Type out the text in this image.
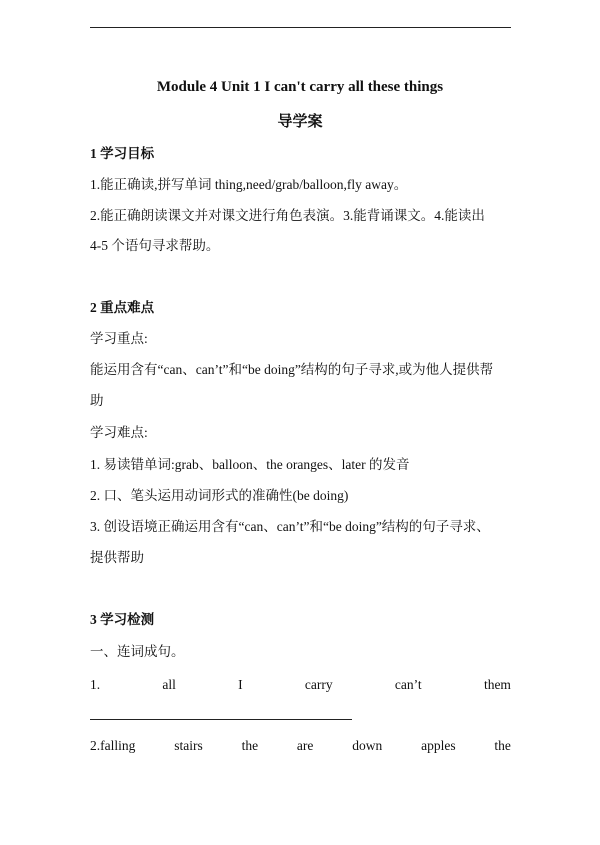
Module 4 Unit 1 I can't carry all these things
导学案
1 学习目标
1.能正确读,拼写单词 thing,need/grab/balloon,fly away。
2.能正确朗读课文并对课文进行角色表演。3.能背诵课文。4.能读出
4-5 个语句寻求帮助。
2 重点难点
学习重点:
能运用含有“can、can’t”和“be doing”结构的句子寻求,或为他人提供帮
助
学习难点:
1. 易读错单词:grab、balloon、the oranges、later 的发音
2. 口、笔头运用动词形式的准确性(be doing)
3. 创设语境正确运用含有“can、can’t”和“be doing”结构的句子寻求、
提供帮助
3 学习检测
一、连词成句。
1.	all	I	carry	can’t	them
2.falling	stairs	the	are	down	apples	the
